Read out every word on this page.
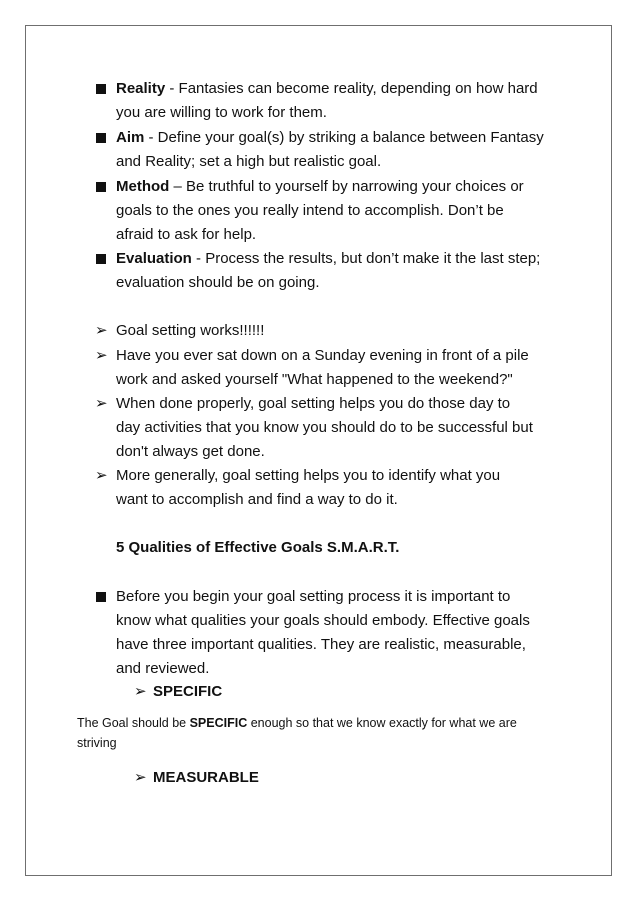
Reality - Fantasies can become reality, depending on how hard
you are willing to work for them.
Aim - Define your goal(s) by striking a balance between Fantasy
and Reality; set a high but realistic goal.
Method – Be truthful to yourself by narrowing your choices or
goals to the ones you really intend to accomplish. Don’t be
afraid to ask for help.
Evaluation - Process the results, but don’t make it the last step;
evaluation should be on going.
➢ Goal setting works!!!!!!
➢ Have you ever sat down on a Sunday evening in front of a pile
work and asked yourself "What happened to the weekend?"
➢ When done properly, goal setting helps you do those day to
day activities that you know you should do to be successful but
don't always get done.
➢ More generally, goal setting helps you to identify what you
want to accomplish and find a way to do it.
5 Qualities of Effective Goals S.M.A.R.T.
Before you begin your goal setting process it is important to
know what qualities your goals should embody. Effective goals
have three important qualities. They are realistic, measurable,
and reviewed.
➢ SPECIFIC
The Goal should be SPECIFIC enough so that we know exactly for what we are
striving
➢ MEASURABLE
